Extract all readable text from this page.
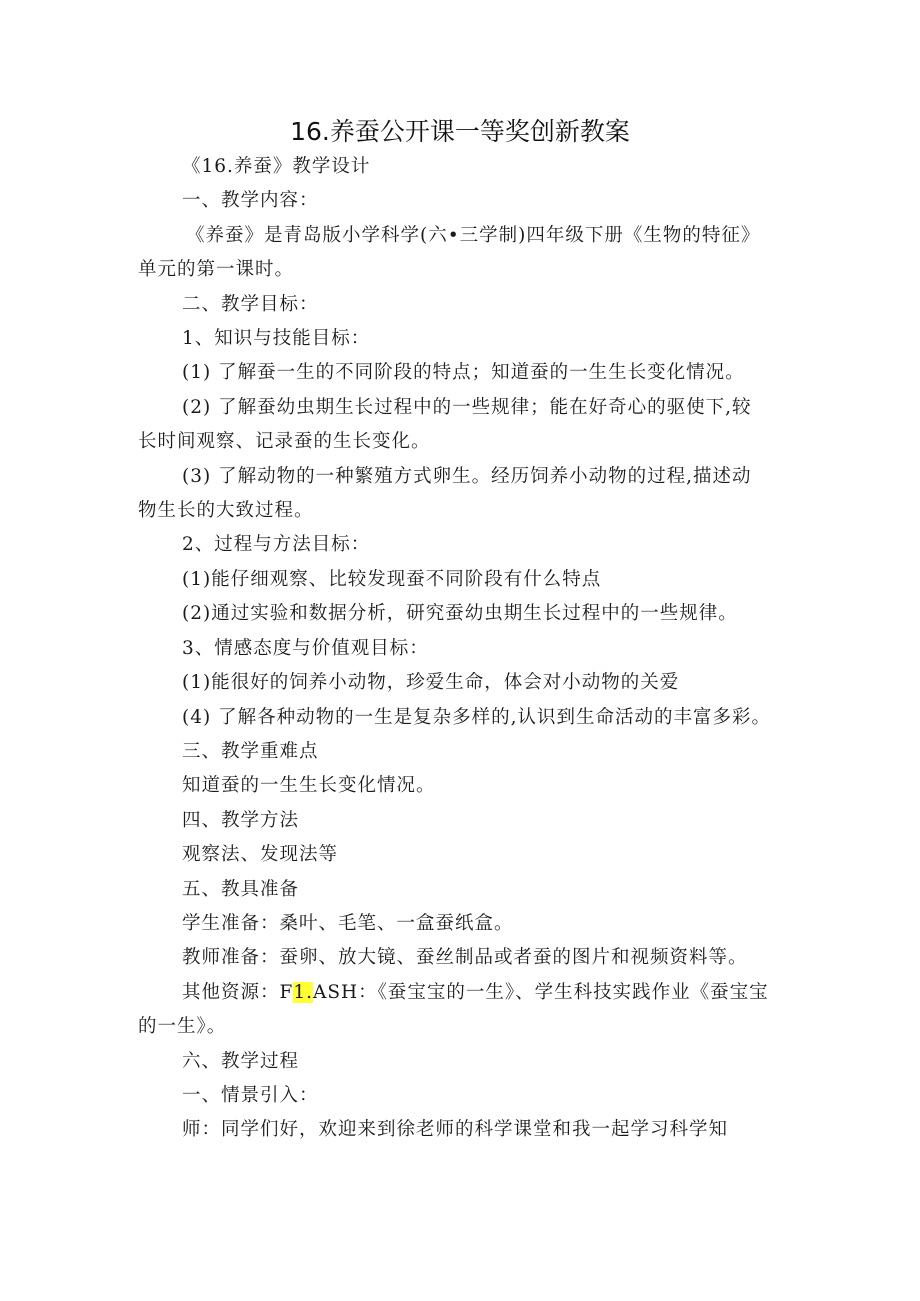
16.养蚕公开课一等奖创新教案

《16.养蚕》教学设计

一、教学内容：

《养蚕》是青岛版小学科学(六•三学制)四年级下册《生物的特征》

单元的第一课时。

二、教学目标：

1、知识与技能目标：

(1) 了解蚕一生的不同阶段的特点；知道蚕的一生生长变化情况。

(2) 了解蚕幼虫期生长过程中的一些规律；能在好奇心的驱使下,较

长时间观察、记录蚕的生长变化。

(3) 了解动物的一种繁殖方式卵生。经历饲养小动物的过程,描述动

物生长的大致过程。

2、过程与方法目标：

(1)能仔细观察、比较发现蚕不同阶段有什么特点

(2)通过实验和数据分析，研究蚕幼虫期生长过程中的一些规律。

3、情感态度与价值观目标：

(1)能很好的饲养小动物，珍爱生命，体会对小动物的关爱

(4) 了解各种动物的一生是复杂多样的,认识到生命活动的丰富多彩。

三、教学重难点

知道蚕的一生生长变化情况。

四、教学方法

观察法、发现法等

五、教具准备

学生准备：桑叶、毛笔、一盒蚕纸盒。

教师准备：蚕卵、放大镜、蚕丝制品或者蚕的图片和视频资料等。

其他资源：F1.ASH：《蚕宝宝的一生》、学生科技实践作业《蚕宝宝

的一生》。

六、教学过程

一、情景引入：

师：同学们好，欢迎来到徐老师的科学课堂和我一起学习科学知
